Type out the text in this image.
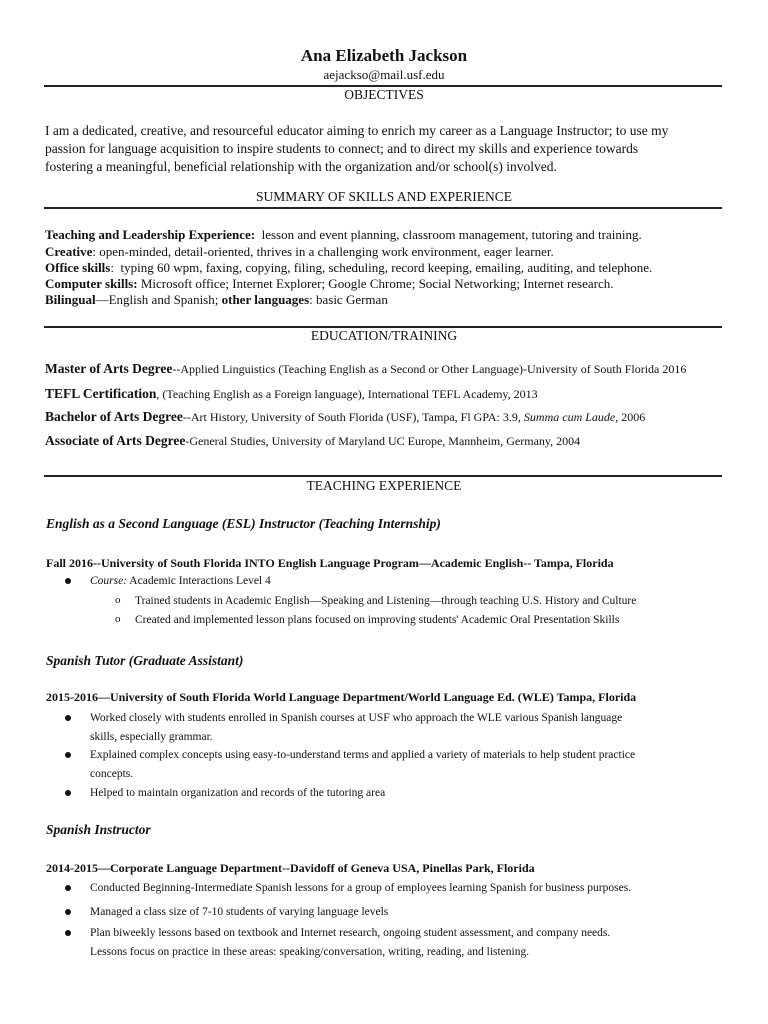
Ana Elizabeth Jackson
aejackso@mail.usf.edu
OBJECTIVES
I am a dedicated, creative, and resourceful educator aiming to enrich my career as a Language Instructor; to use my
passion for language acquisition to inspire students to connect; and to direct my skills and experience towards
fostering a meaningful, beneficial relationship with the organization and/or school(s) involved.
SUMMARY OF SKILLS AND EXPERIENCE
Teaching and Leadership Experience:  lesson and event planning, classroom management, tutoring and training.
Creative: open-minded, detail-oriented, thrives in a challenging work environment, eager learner.
Office skills:  typing 60 wpm, faxing, copying, filing, scheduling, record keeping, emailing, auditing, and telephone.
Computer skills: Microsoft office; Internet Explorer; Google Chrome; Social Networking; Internet research.
Bilingual—English and Spanish; other languages: basic German
EDUCATION/TRAINING
Master of Arts Degree--Applied Linguistics (Teaching English as a Second or Other Language)-University of South Florida 2016
TEFL Certification, (Teaching English as a Foreign language), International TEFL Academy, 2013
Bachelor of Arts Degree--Art History, University of South Florida (USF), Tampa, Fl GPA: 3.9, Summa cum Laude, 2006
Associate of Arts Degree-General Studies, University of Maryland UC Europe, Mannheim, Germany, 2004
TEACHING EXPERIENCE
English as a Second Language (ESL) Instructor (Teaching Internship)
Fall 2016--University of South Florida INTO English Language Program—Academic English-- Tampa, Florida
Course: Academic Interactions Level 4
o Trained students in Academic English—Speaking and Listening—through teaching U.S. History and Culture
o Created and implemented lesson plans focused on improving students' Academic Oral Presentation Skills
Spanish Tutor (Graduate Assistant)
2015-2016—University of South Florida World Language Department/World Language Ed. (WLE) Tampa, Florida
Worked closely with students enrolled in Spanish courses at USF who approach the WLE various Spanish language
skills, especially grammar.
Explained complex concepts using easy-to-understand terms and applied a variety of materials to help student practice
concepts.
Helped to maintain organization and records of the tutoring area
Spanish Instructor
2014-2015—Corporate Language Department--Davidoff of Geneva USA, Pinellas Park, Florida
Conducted Beginning-Intermediate Spanish lessons for a group of employees learning Spanish for business purposes.
Managed a class size of 7-10 students of varying language levels
Plan biweekly lessons based on textbook and Internet research, ongoing student assessment, and company needs.
Lessons focus on practice in these areas: speaking/conversation, writing, reading, and listening.
